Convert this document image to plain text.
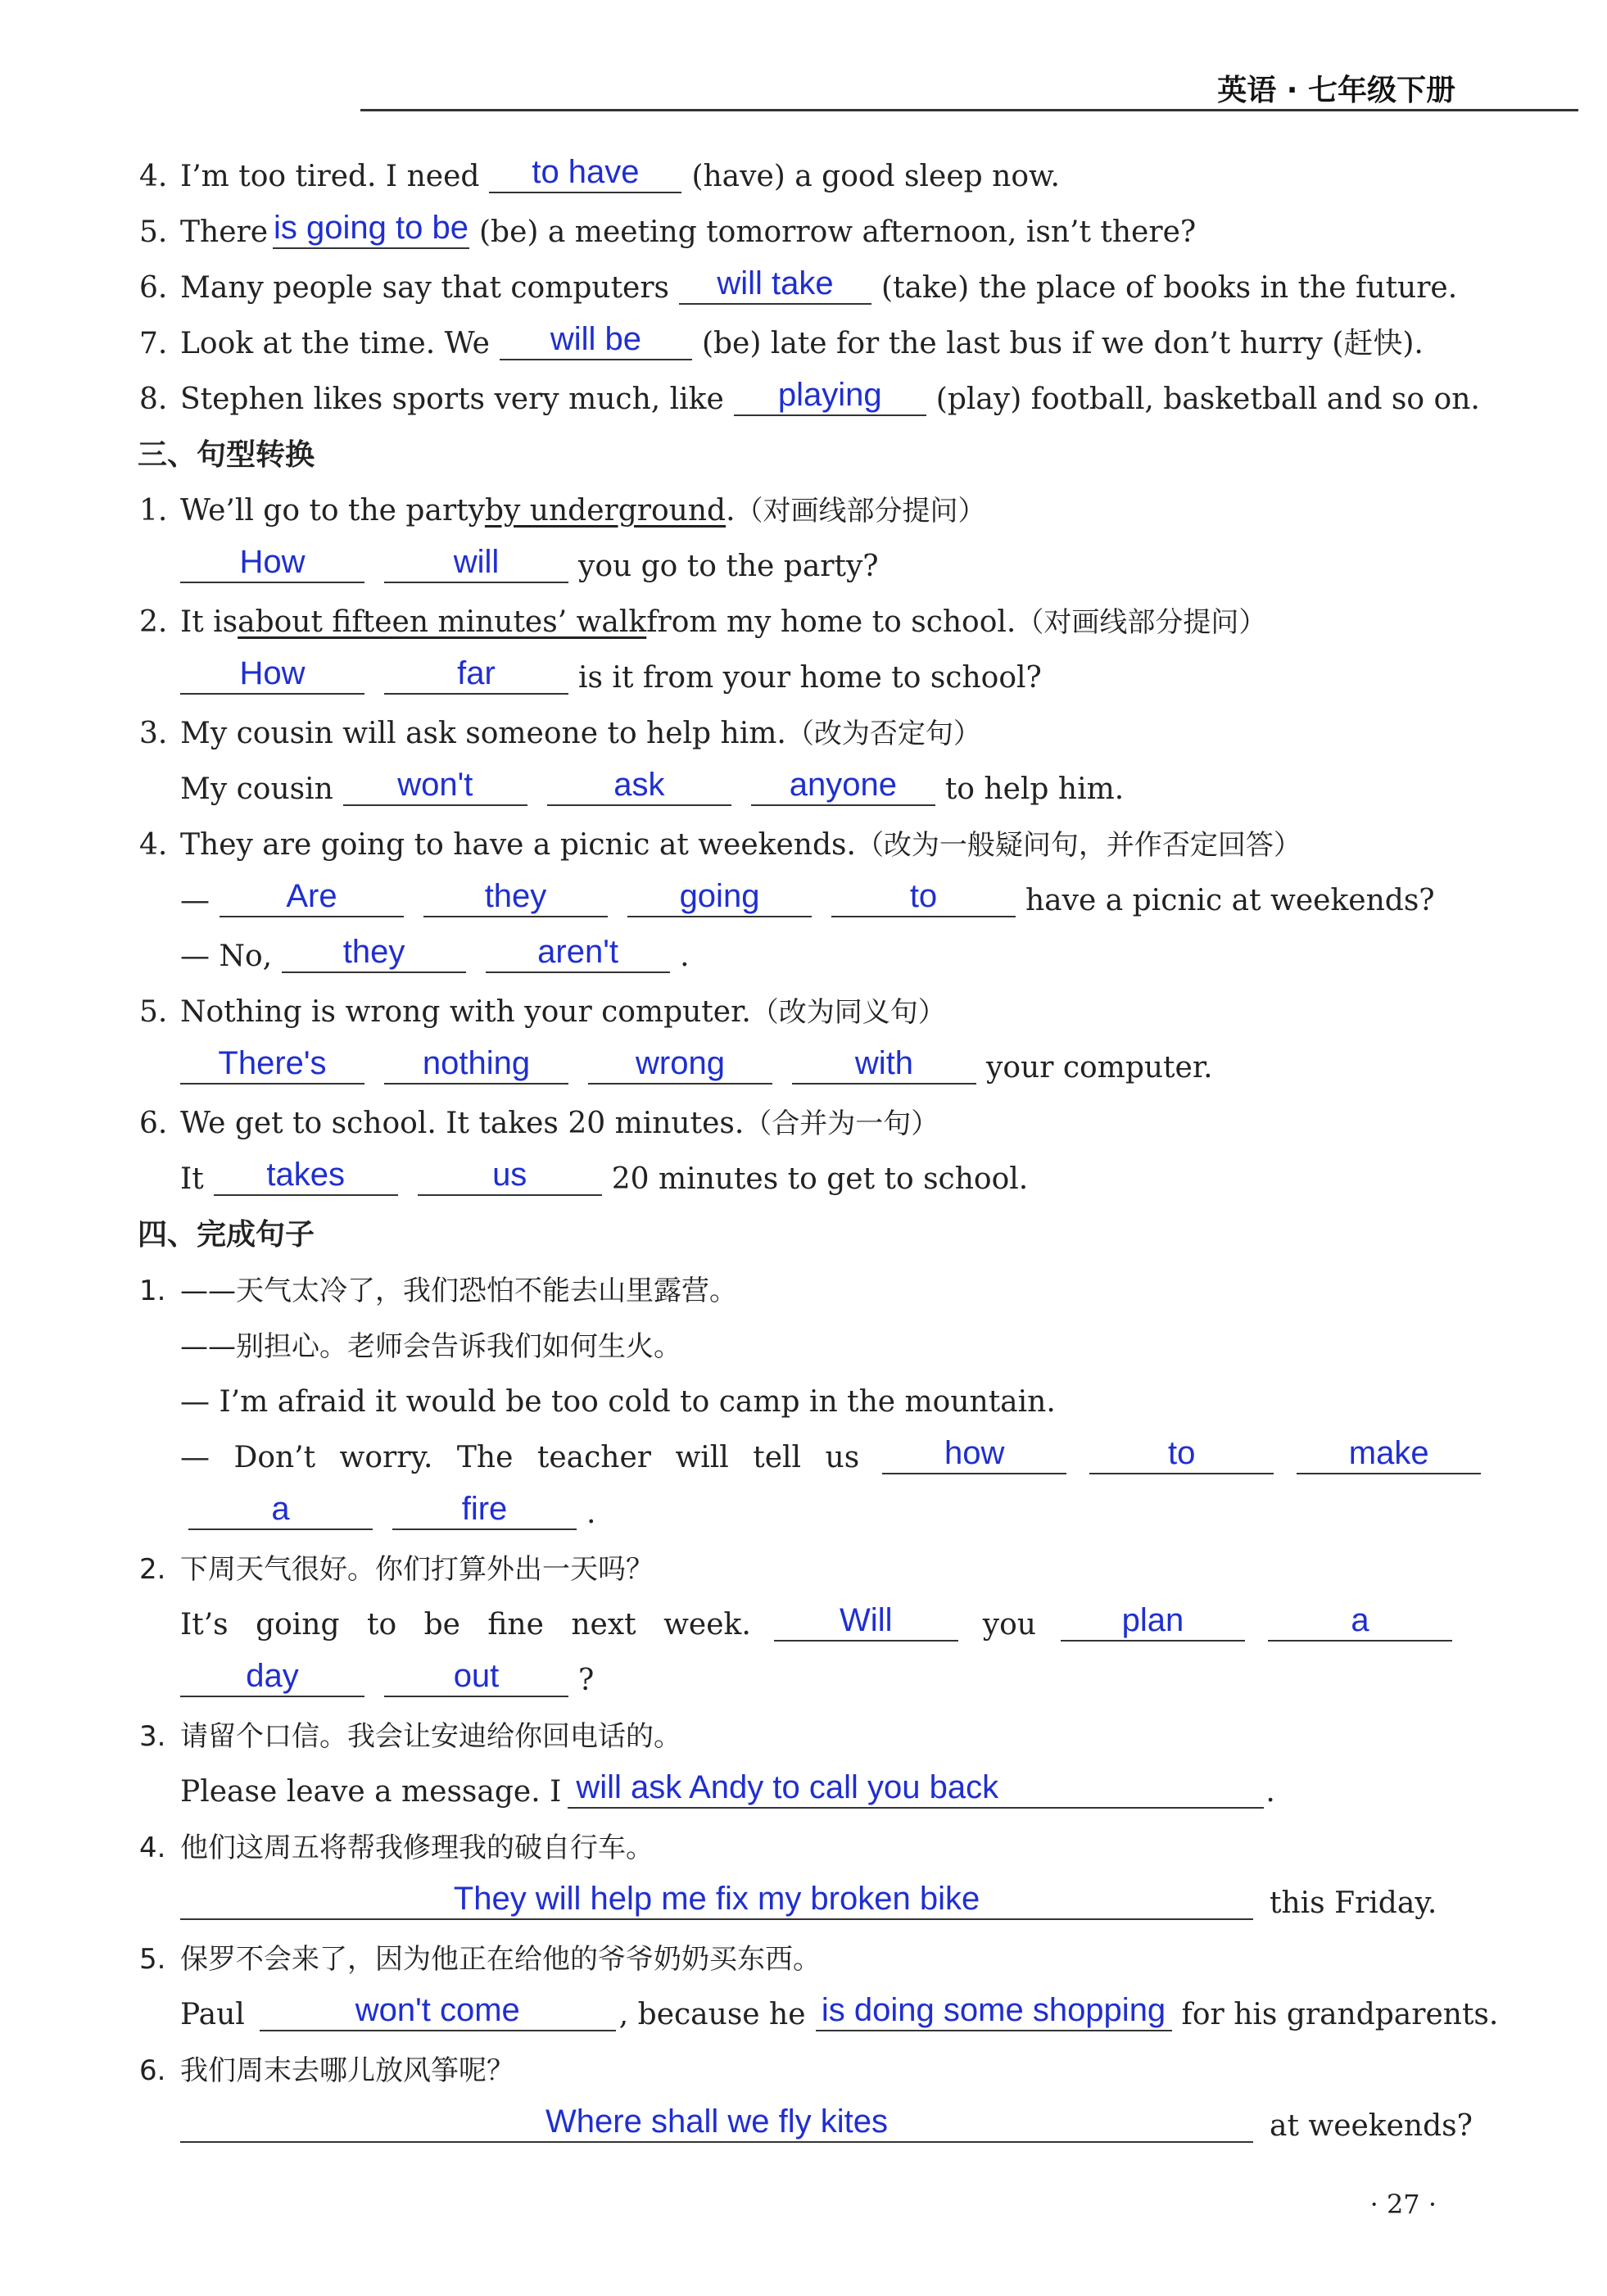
英语 · 七年级下册
4. I’m too tired. I need	to have	(have) a good sleep now.
5. There is going to be (be) a meeting tomorrow afternoon, isn’t there?
6. Many people say that computers	will take	(take) the place of books in the future.
7. Look at the time. We	will be	(be) late for the last bus if we don’t hurry (赶快).
8. Stephen likes sports very much, like	playing	(play) football, basketball and so on.
三、句型转换
1. We’ll go to the partyby underground.（对画线部分提问）
How	will	you go to the party?
2. It isabout fifteen minutes’ walkfrom my home to school.（对画线部分提问）
How	far	is it from your home to school?
3. My cousin will ask someone to help him.（改为否定句）
My cousin	won't	ask	anyone	to help him.
4. They are going to have a picnic at weekends.（改为一般疑问句，并作否定回答）
—	Are	they	going	to	have a picnic at weekends?
— No,	they	aren't	.
5. Nothing is wrong with your computer.（改为同义句）
There's	nothing	wrong	with	your computer.
6. We get to school. It takes 20 minutes.（合并为一句）
It	takes	us	20 minutes to get to school.
四、完成句子
1. ——天气太冷了，我们恐怕不能去山里露营。
——别担心。老师会告诉我们如何生火。
— I’m afraid it would be too cold to camp in the mountain.
— Don’t worry. The teacher will tell us	how	to	make
a	fire	.
2. 下周天气很好。你们打算外出一天吗？
It’s going to be fine next week.	Will	you	plan	a
day	out	?
3. 请留个口信。我会让安迪给你回电话的。
Please leave a message. I will ask Andy to call you back	.
4. 他们这周五将帮我修理我的破自行车。
They will help me fix my broken bike	this Friday.
5. 保罗不会来了，因为他正在给他的爷爷奶奶买东西。
Paul	won't come	, because he is doing some shopping for his grandparents.
6. 我们周末去哪儿放风筝呢？
Where shall we fly kites	at weekends?
· 27 ·
